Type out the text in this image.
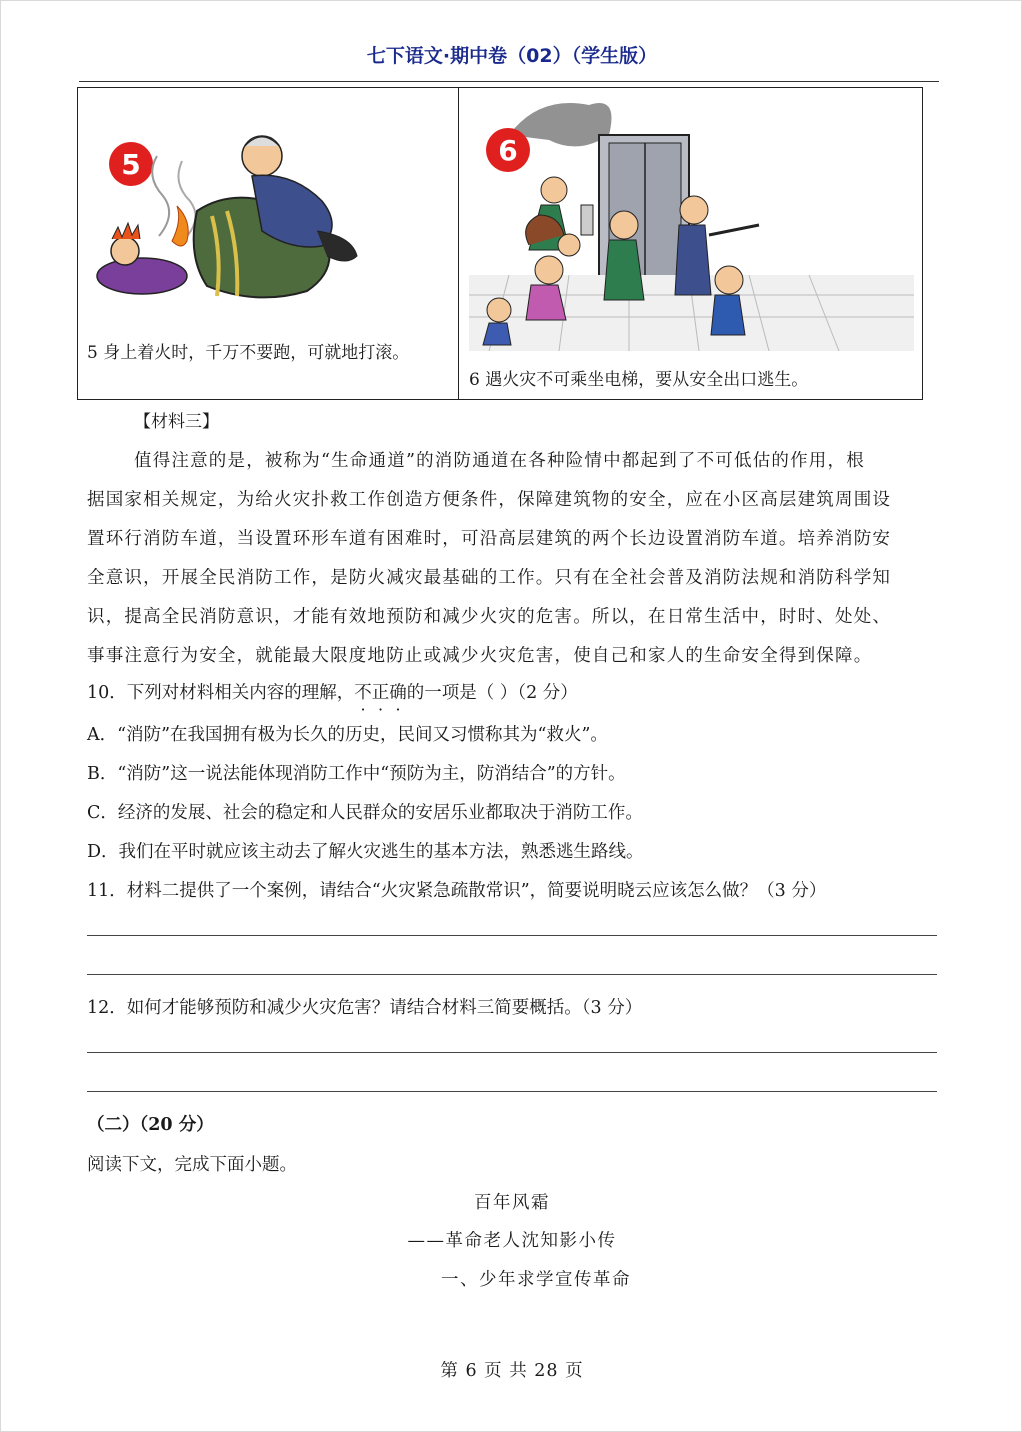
七下语文·期中卷（02）（学生版）
5
5 身上着火时，千万不要跑，可就地打滚。
6
6 遇火灾不可乘坐电梯，要从安全出口逃生。
【材料三】
值得注意的是，被称为“生命通道”的消防通道在各种险情中都起到了不可低估的作用，根
据国家相关规定，为给火灾扑救工作创造方便条件，保障建筑物的安全，应在小区高层建筑周围设
置环行消防车道，当设置环形车道有困难时，可沿高层建筑的两个长边设置消防车道。培养消防安
全意识，开展全民消防工作，是防火减灾最基础的工作。只有在全社会普及消防法规和消防科学知
识，提高全民消防意识，才能有效地预防和减少火灾的危害。所以，在日常生活中，时时、处处、
事事注意行为安全，就能最大限度地防止或减少火灾危害，使自己和家人的生命安全得到保障。
10．下列对材料相关内容的理解，不正确的一项是（ ）（2 分）
A．“消防”在我国拥有极为长久的历史，民间又习惯称其为“救火”。
B．“消防”这一说法能体现消防工作中“预防为主，防消结合”的方针。
C．经济的发展、社会的稳定和人民群众的安居乐业都取决于消防工作。
D．我们在平时就应该主动去了解火灾逃生的基本方法，熟悉逃生路线。
11．材料二提供了一个案例，请结合“火灾紧急疏散常识”，简要说明晓云应该怎么做？（3 分）
12．如何才能够预防和减少火灾危害？请结合材料三简要概括。（3 分）
（二）（20 分）
阅读下文，完成下面小题。
百年风霜
——革命老人沈知影小传
一、少年求学宣传革命
第 6 页 共 28 页
